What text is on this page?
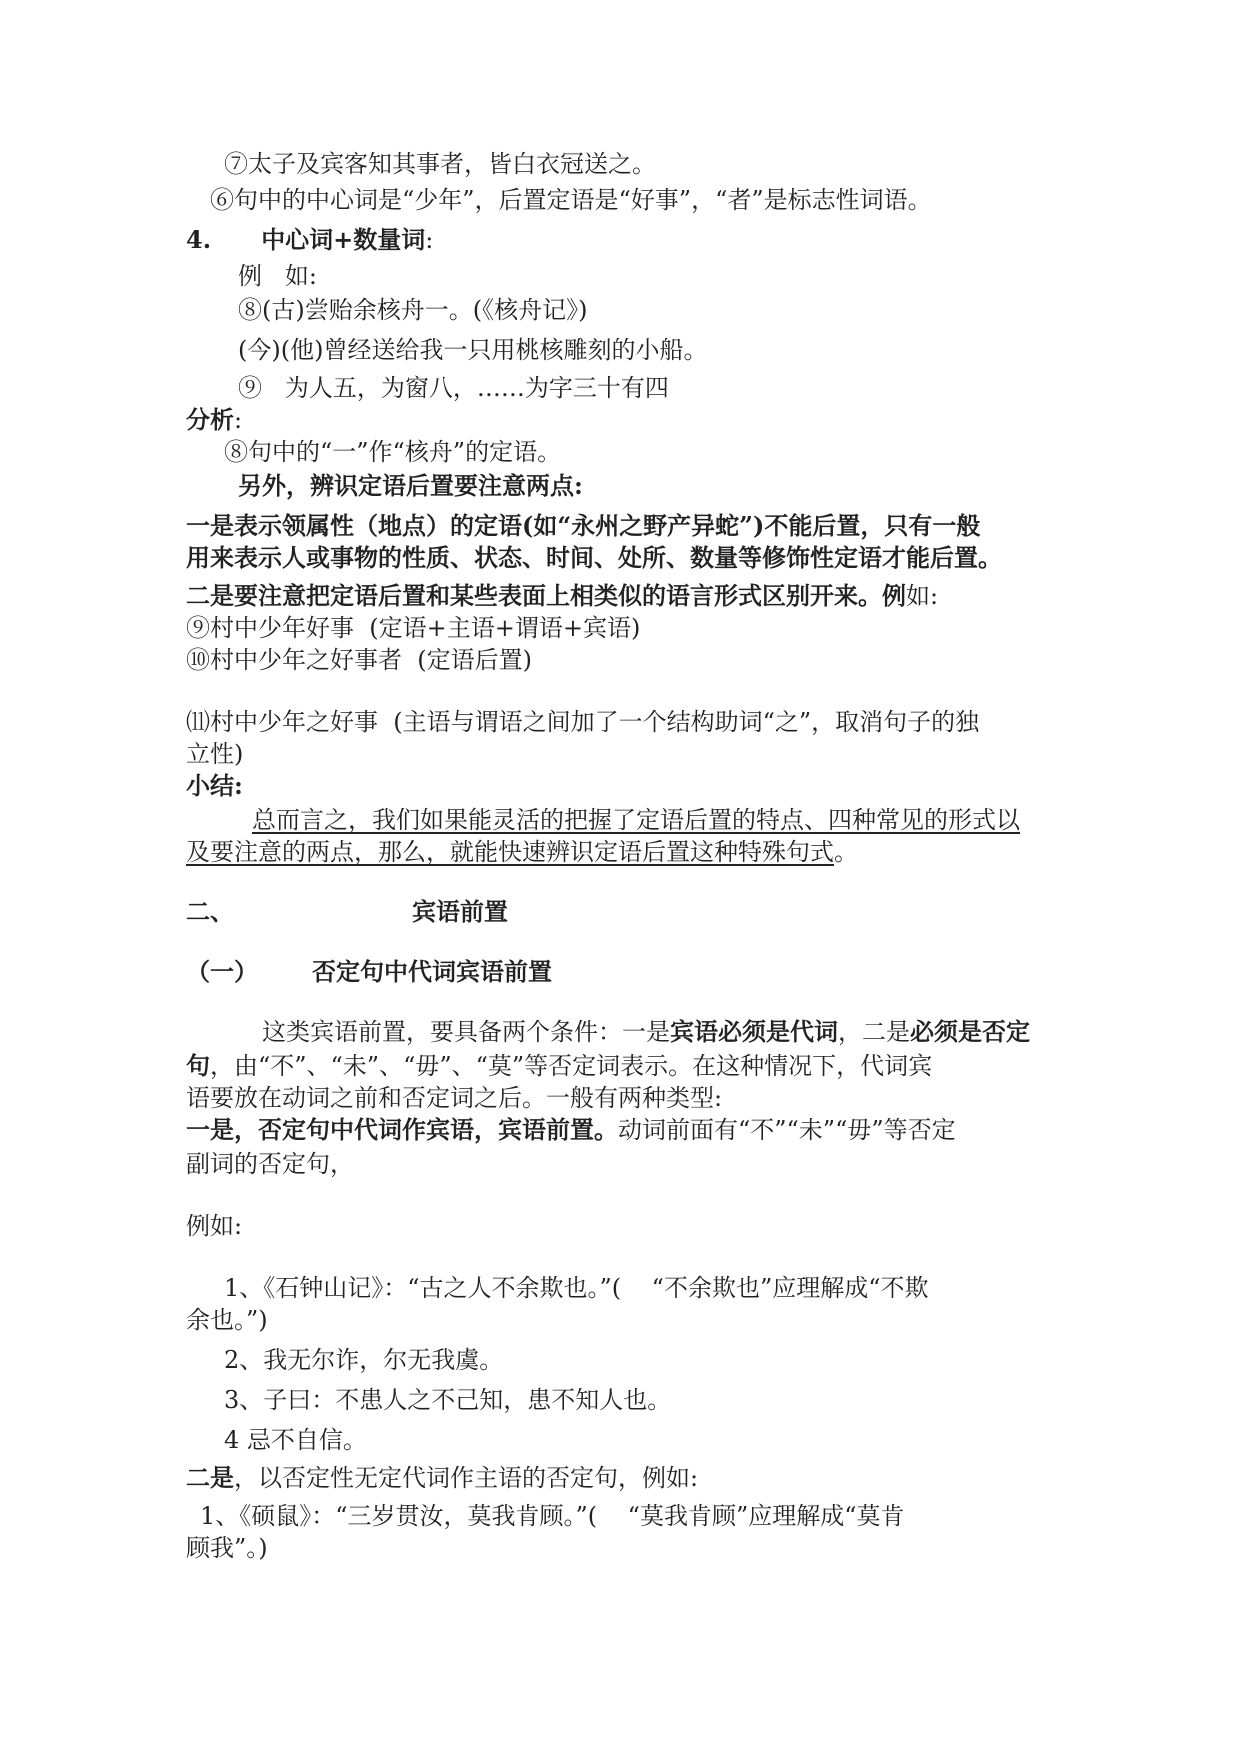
⑦太子及宾客知其事者，皆白衣冠送之。
⑥句中的中心词是“少年”，后置定语是“好事”，“者”是标志性词语。
4.      中心词+数量词:
例   如:
⑧(古)尝贻余核舟一。(《核舟记》)
(今)(他)曾经送给我一只用桃核雕刻的小船。
⑨   为人五，为窗八，……为字三十有四
分析:
⑧句中的“一”作“核舟”的定语。
另外，辨识定语后置要注意两点:
一是表示领属性（地点）的定语(如“永州之野产异蛇”)不能后置，只有一般
用来表示人或事物的性质、状态、时间、处所、数量等修饰性定语才能后置。
二是要注意把定语后置和某些表面上相类似的语言形式区别开来。例如:
⑨村中少年好事  (定语+主语+谓语+宾语)
⑩村中少年之好事者  (定语后置)
⑾村中少年之好事  (主语与谓语之间加了一个结构助词“之”，取消句子的独
立性)
小结:
总而言之，我们如果能灵活的把握了定语后置的特点、四种常见的形式以
及要注意的两点，那么，就能快速辨识定语后置这种特殊句式。
二、	宾语前置
（一） 否定句中代词宾语前置
这类宾语前置，要具备两个条件：一是宾语必须是代词，二是必须是否定
句，由“不”、“未”、“毋”、“莫”等否定词表示。在这种情况下，代词宾
语要放在动词之前和否定词之后。一般有两种类型:
一是，否定句中代词作宾语，宾语前置。动词前面有“不”“未”“毋”等否定
副词的否定句，
例如:
1、《石钟山记》：“古之人不余欺也。”(    “不余欺也”应理解成“不欺
余也。”)
2、我无尔诈，尔无我虞。
3、子曰：不患人之不己知，患不知人也。
4 忌不自信。
二是，以否定性无定代词作主语的否定句，例如:
1、《硕鼠》：“三岁贯汝，莫我肯顾。”(    “莫我肯顾”应理解成“莫肯
顾我”。)
